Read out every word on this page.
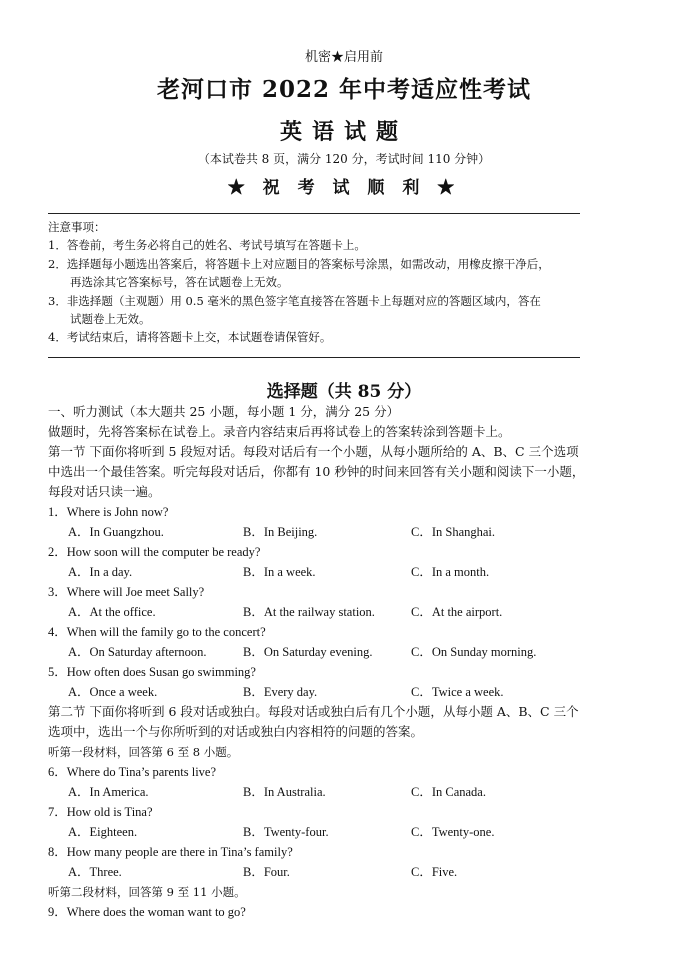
机密★启用前
老河口市 2022 年中考适应性考试
英语试题
（本试卷共 8 页，满分 120 分，考试时间 110 分钟）
★ 祝 考 试 顺 利 ★
注意事项：
1．答卷前，考生务必将自己的姓名、考试号填写在答题卡上。
2．选择题每小题选出答案后，将答题卡上对应题目的答案标号涂黑，如需改动，用橡皮擦干净后，
再选涂其它答案标号，答在试题卷上无效。
3．非选择题（主观题）用 0.5 毫米的黑色签字笔直接答在答题卡上每题对应的答题区域内，答在
试题卷上无效。
4．考试结束后，请将答题卡上交，本试题卷请保管好。
选择题（共 85 分）

一、听力测试（本大题共 25 小题，每小题 1 分，满分 25 分）

做题时，先将答案标在试卷上。录音内容结束后再将试卷上的答案转涂到答题卡上。

第一节 下面你将听到 5 段短对话。每段对话后有一个小题，从每小题所给的 A、B、C 三个选项

中选出一个最佳答案。听完每段对话后，你都有 10 秒钟的时间来回答有关小题和阅读下一小题，

每段对话只读一遍。

1．Where is John now?

A．In Guangzhou.	B．In Beijing.	C．In Shanghai.

2．How soon will the computer be ready?

A．In a day.	B．In a week.	C．In a month.

3．Where will Joe meet Sally?

A．At the office.	B．At the railway station.	C．At the airport.

4．When will the family go to the concert?

A．On Saturday afternoon.	B．On Saturday evening.	C．On Sunday morning.

5．How often does Susan go swimming?

A．Once a week.	B．Every day.	C．Twice a week.

第二节 下面你将听到 6 段对话或独白。每段对话或独白后有几个小题，从每小题 A、B、C 三个

选项中，选出一个与你所听到的对话或独白内容相符的问题的答案。

听第一段材料，回答第 6 至 8 小题。

6．Where do Tina’s parents live?

A．In America.	B．In Australia.	C．In Canada.

7．How old is Tina?

A．Eighteen.	B．Twenty-four.	C．Twenty-one.

8．How many people are there in Tina’s family?

A．Three.	B．Four.	C．Five.

听第二段材料，回答第 9 至 11 小题。

9．Where does the woman want to go?
